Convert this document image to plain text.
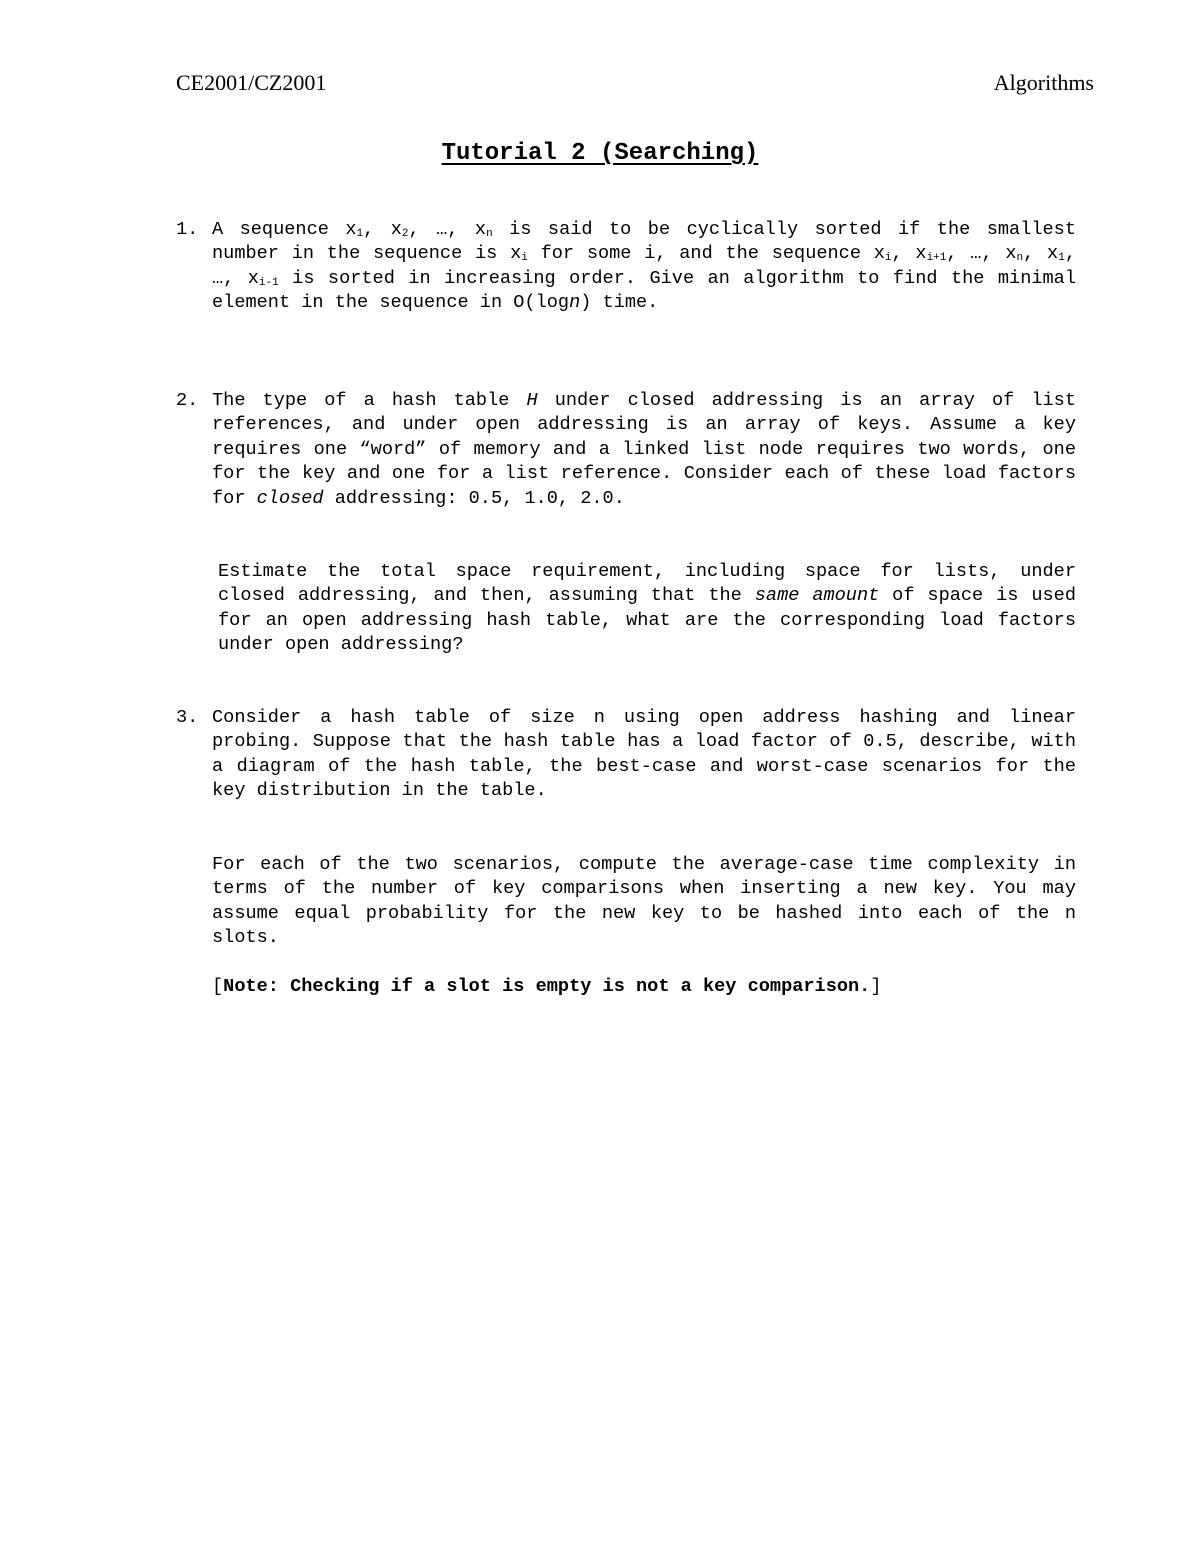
CE2001/CZ2001	Algorithms
Tutorial 2 (Searching)
1. A sequence $x_1$, $x_2$, …, $x_n$ is said to be cyclically sorted if the smallest number in the sequence is $x_i$ for some i, and the sequence $x_i$, $x_{i+1}$, …, $x_n$, $x_1$, …, $x_{i-1}$ is sorted in increasing order. Give an algorithm to find the minimal element in the sequence in O(logn) time.

2. The type of a hash table H under closed addressing is an array of list references, and under open addressing is an array of keys. Assume a key requires one “word” of memory and a linked list node requires two words, one for the key and one for a list reference. Consider each of these load factors for closed addressing: 0.5, 1.0, 2.0.

Estimate the total space requirement, including space for lists, under closed addressing, and then, assuming that the same amount of space is used for an open addressing hash table, what are the corresponding load factors under open addressing?

3. Consider a hash table of size n using open address hashing and linear probing. Suppose that the hash table has a load factor of 0.5, describe, with a diagram of the hash table, the best-case and worst-case scenarios for the key distribution in the table.

For each of the two scenarios, compute the average-case time complexity in terms of the number of key comparisons when inserting a new key. You may assume equal probability for the new key to be hashed into each of the n slots.

[Note: Checking if a slot is empty is not a key comparison.]
